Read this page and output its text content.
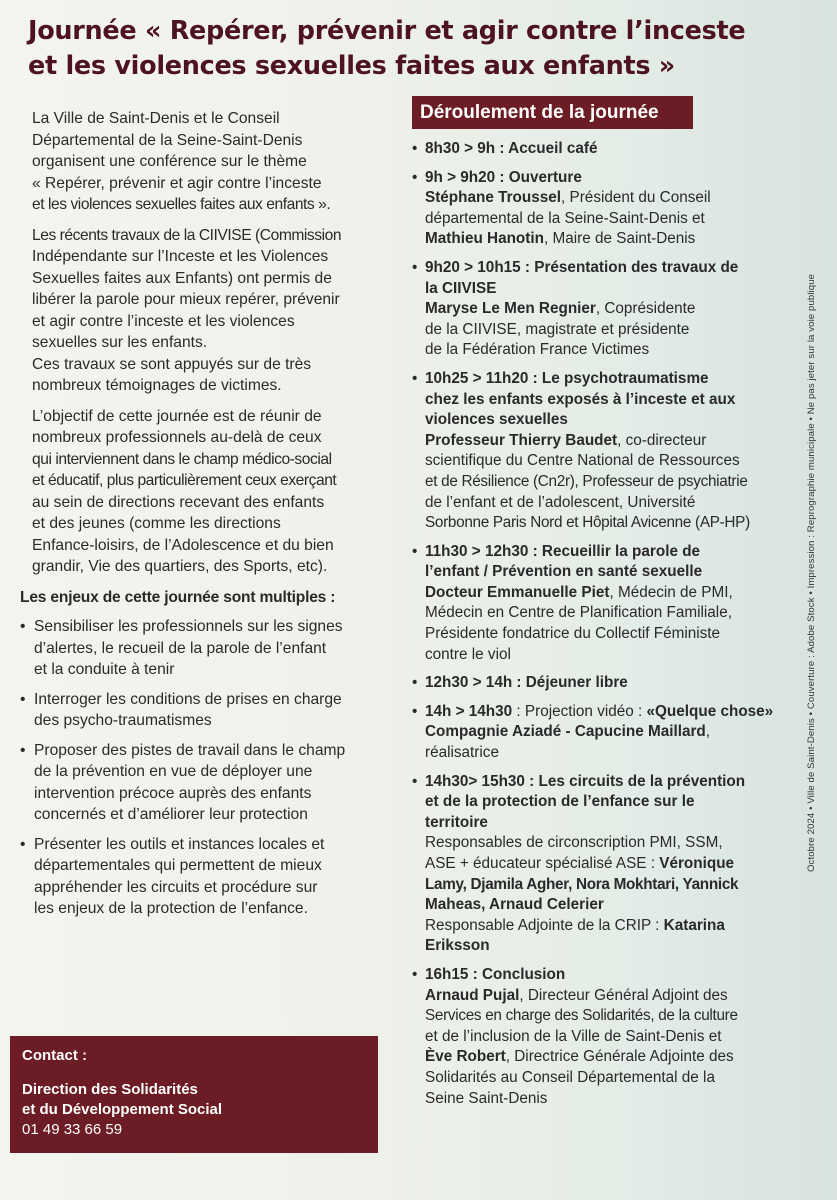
Journée « Repérer, prévenir et agir contre l’inceste
et les violences sexuelles faites aux enfants »

La Ville de Saint-Denis et le Conseil
Départemental de la Seine-Saint-Denis
organisent une conférence sur le thème
« Repérer, prévenir et agir contre l’inceste
et les violences sexuelles faites aux enfants ».

Les récents travaux de la CIIVISE (Commission
Indépendante sur l’Inceste et les Violences
Sexuelles faites aux Enfants) ont permis de
libérer la parole pour mieux repérer, prévenir
et agir contre l’inceste et les violences
sexuelles sur les enfants.
Ces travaux se sont appuyés sur de très
nombreux témoignages de victimes.

L’objectif de cette journée est de réunir de
nombreux professionnels au-delà de ceux
qui interviennent dans le champ médico-social
et éducatif, plus particulièrement ceux exerçant
au sein de directions recevant des enfants
et des jeunes (comme les directions
Enfance-loisirs, de l’Adolescence et du bien
grandir, Vie des quartiers, des Sports, etc).

Les enjeux de cette journée sont multiples :
• Sensibiliser les professionnels sur les signes
d’alertes, le recueil de la parole de l’enfant
et la conduite à tenir
• Interroger les conditions de prises en charge
des psycho-traumatismes
• Proposer des pistes de travail dans le champ
de la prévention en vue de déployer une
intervention précoce auprès des enfants
concernés et d’améliorer leur protection
• Présenter les outils et instances locales et
départementales qui permettent de mieux
appréhender les circuits et procédure sur
les enjeux de la protection de l’enfance.
Contact :
Direction des Solidarités
et du Développement Social
01 49 33 66 59
Déroulement de la journée
• 8h30 > 9h : Accueil café
• 9h > 9h20 : Ouverture
Stéphane Troussel, Président du Conseil
départemental de la Seine-Saint-Denis et
Mathieu Hanotin, Maire de Saint-Denis
• 9h20 > 10h15 : Présentation des travaux de
la CIIVISE
Maryse Le Men Regnier, Coprésidente
de la CIIVISE, magistrate et présidente
de la Fédération France Victimes
• 10h25 > 11h20 : Le psychotraumatisme
chez les enfants exposés à l’inceste et aux
violences sexuelles
Professeur Thierry Baudet, co-directeur
scientifique du Centre National de Ressources
et de Résilience (Cn2r), Professeur de psychiatrie
de l’enfant et de l’adolescent, Université
Sorbonne Paris Nord et Hôpital Avicenne (AP-HP)
• 11h30 > 12h30 : Recueillir la parole de
l’enfant / Prévention en santé sexuelle
Docteur Emmanuelle Piet, Médecin de PMI,
Médecin en Centre de Planification Familiale,
Présidente fondatrice du Collectif Féministe
contre le viol
• 12h30 > 14h : Déjeuner libre
• 14h > 14h30 : Projection vidéo : «Quelque chose»
Compagnie Aziadé - Capucine Maillard,
réalisatrice
• 14h30> 15h30 : Les circuits de la prévention
et de la protection de l’enfance sur le
territoire
Responsables de circonscription PMI, SSM,
ASE + éducateur spécialisé ASE : Véronique
Lamy, Djamila Agher, Nora Mokhtari, Yannick
Maheas, Arnaud Celerier
Responsable Adjointe de la CRIP : Katarina
Eriksson
• 16h15 : Conclusion
Arnaud Pujal, Directeur Général Adjoint des
Services en charge des Solidarités, de la culture
et de l’inclusion de la Ville de Saint-Denis et
Ève Robert, Directrice Générale Adjointe des
Solidarités au Conseil Départemental de la
Seine Saint-Denis
Octobre 2024 • Ville de Saint-Denis • Couverture : Adobe Stock • Impression : Reprographie municipale • Ne pas jeter sur la voie publique
